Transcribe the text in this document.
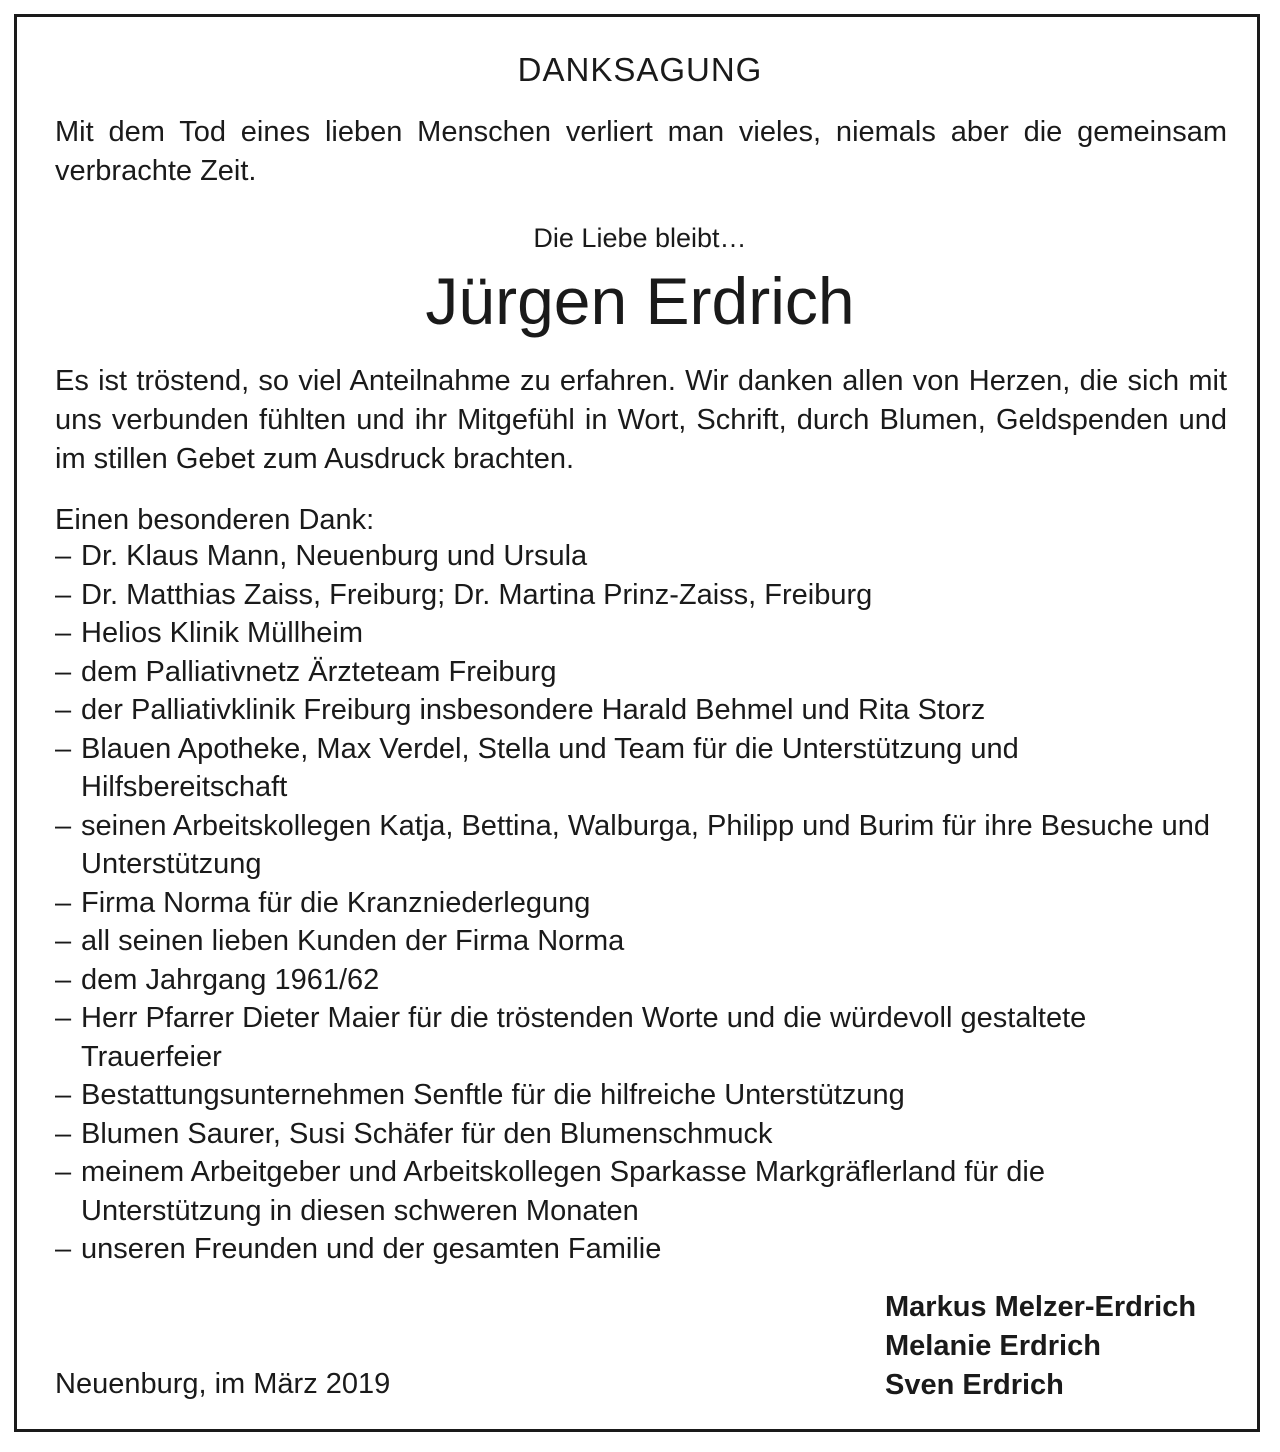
DANKSAGUNG
Mit dem Tod eines lieben Menschen verliert man vieles, niemals aber die gemeinsam verbrachte Zeit.
Die Liebe bleibt…
Jürgen Erdrich
Es ist tröstend, so viel Anteilnahme zu erfahren. Wir danken allen von Herzen, die sich mit uns verbunden fühlten und ihr Mitgefühl in Wort, Schrift, durch Blumen, Geldspenden und im stillen Gebet zum Ausdruck brachten.
Einen besonderen Dank:
– Dr. Klaus Mann, Neuenburg und Ursula
– Dr. Matthias Zaiss, Freiburg; Dr. Martina Prinz-Zaiss, Freiburg
– Helios Klinik Müllheim
– dem Palliativnetz Ärzteteam Freiburg
– der Palliativklinik Freiburg insbesondere Harald Behmel und Rita Storz
– Blauen Apotheke, Max Verdel, Stella und Team für die Unterstützung und Hilfsbereitschaft
– seinen Arbeitskollegen Katja, Bettina, Walburga, Philipp und Burim für ihre Besuche und Unterstützung
– Firma Norma für die Kranzniederlegung
– all seinen lieben Kunden der Firma Norma
– dem Jahrgang 1961/62
– Herr Pfarrer Dieter Maier für die tröstenden Worte und die würdevoll gestaltete Trauerfeier
– Bestattungsunternehmen Senftle für die hilfreiche Unterstützung
– Blumen Saurer, Susi Schäfer für den Blumenschmuck
– meinem Arbeitgeber und Arbeitskollegen Sparkasse Markgräflerland für die Unterstützung in diesen schweren Monaten
– unseren Freunden und der gesamten Familie
Markus Melzer-Erdrich
Melanie Erdrich
Sven Erdrich
Neuenburg, im März 2019
